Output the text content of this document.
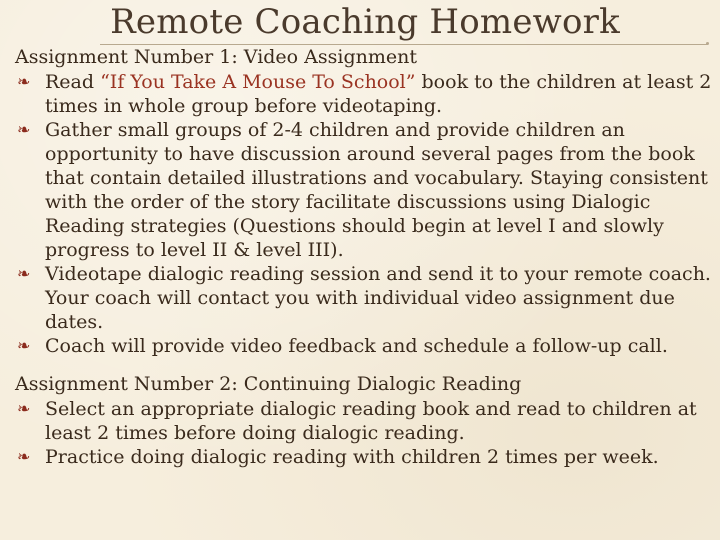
Remote Coaching Homework
Assignment Number 1: Video Assignment
❧ Read “If You Take A Mouse To School” book to the children at least 2 times in whole group before videotaping.
❧ Gather small groups of 2-4 children and provide children an opportunity to have discussion around several pages from the book that contain detailed illustrations and vocabulary. Staying consistent with the order of the story facilitate discussions using Dialogic Reading strategies (Questions should begin at level I and slowly progress to level II & level III).
❧ Videotape dialogic reading session and send it to your remote coach. Your coach will contact you with individual video assignment due dates.
❧ Coach will provide video feedback and schedule a follow-up call.
Assignment Number 2: Continuing Dialogic Reading
❧ Select an appropriate dialogic reading book and read to children at least 2 times before doing dialogic reading.
❧ Practice doing dialogic reading with children 2 times per week.
